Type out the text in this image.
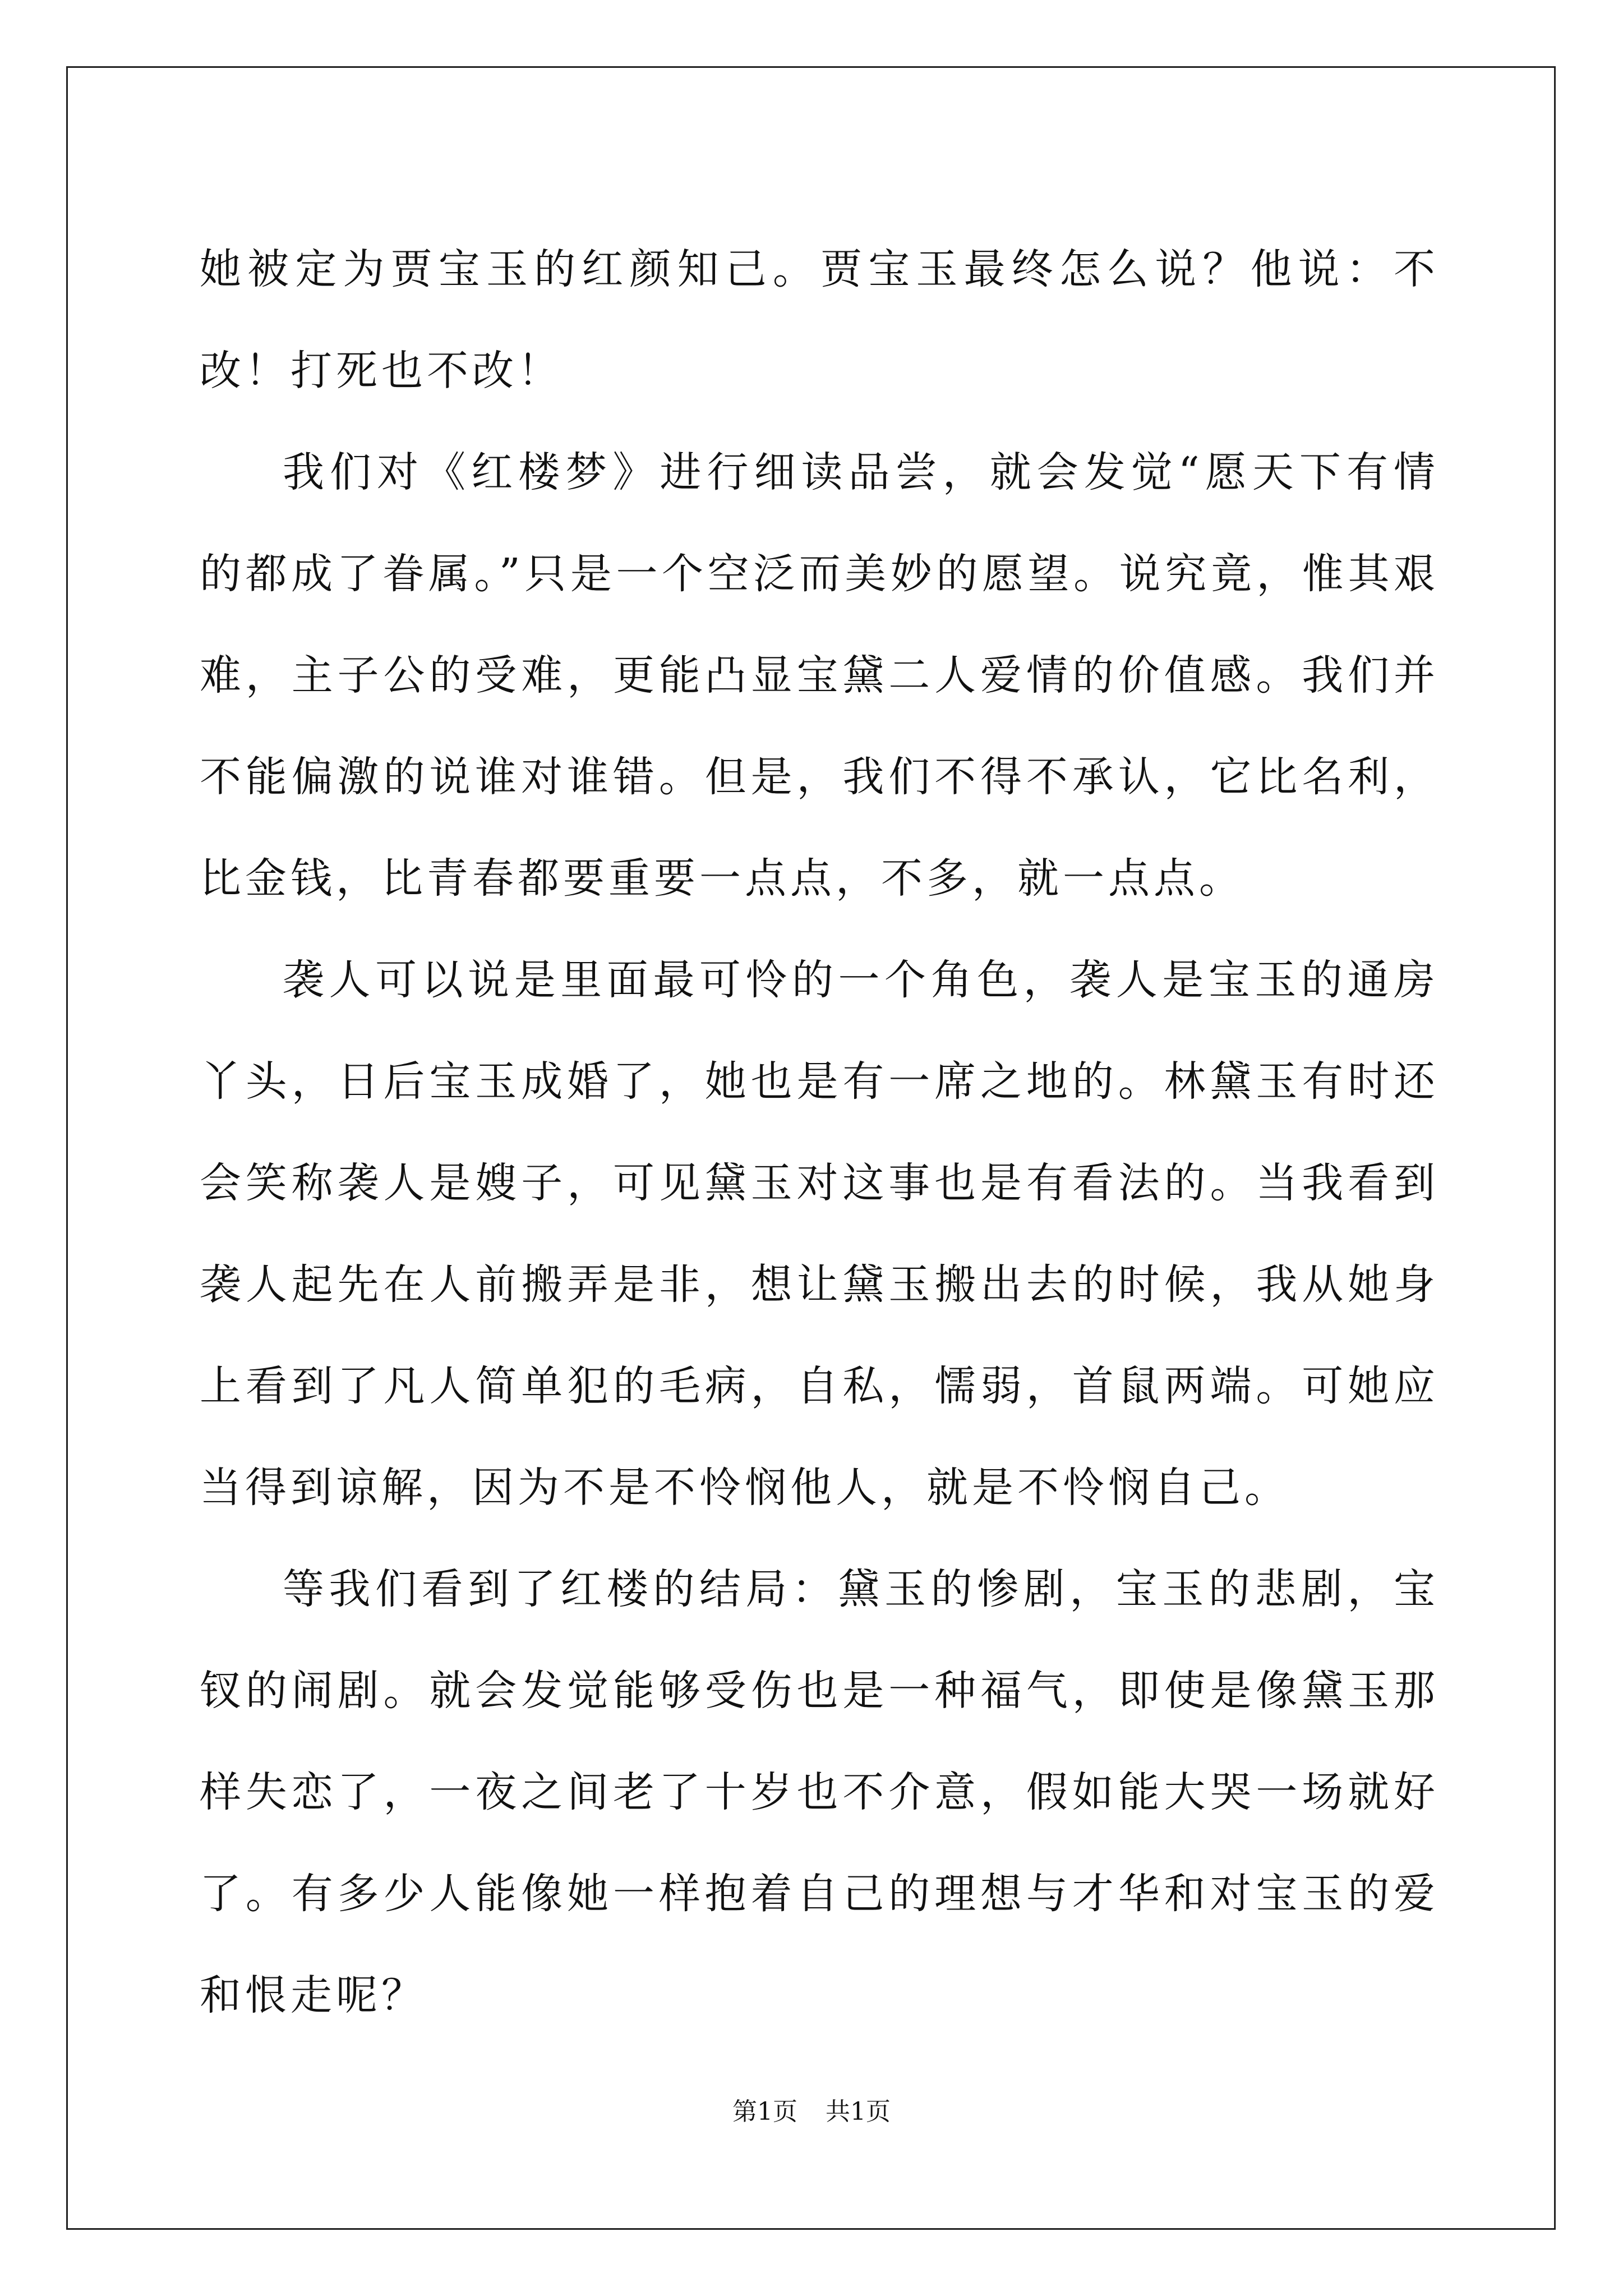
她被定为贾宝玉的红颜知己。贾宝玉最终怎么说？他说：不改！打死也不改！

我们对《红楼梦》进行细读品尝，就会发觉“愿天下有情的都成了眷属。”只是一个空泛而美妙的愿望。说究竟，惟其艰难，主子公的受难，更能凸显宝黛二人爱情的价值感。我们并不能偏激的说谁对谁错。但是，我们不得不承认，它比名利，比金钱，比青春都要重要一点点，不多，就一点点。

袭人可以说是里面最可怜的一个角色，袭人是宝玉的通房丫头，日后宝玉成婚了，她也是有一席之地的。林黛玉有时还会笑称袭人是嫂子，可见黛玉对这事也是有看法的。当我看到袭人起先在人前搬弄是非，想让黛玉搬出去的时候，我从她身上看到了凡人简单犯的毛病，自私，懦弱，首鼠两端。可她应当得到谅解，因为不是不怜悯他人，就是不怜悯自己。

等我们看到了红楼的结局：黛玉的惨剧，宝玉的悲剧，宝钗的闹剧。就会发觉能够受伤也是一种福气，即使是像黛玉那样失恋了，一夜之间老了十岁也不介意，假如能大哭一场就好了。有多少人能像她一样抱着自己的理想与才华和对宝玉的爱和恨走呢？

第1页 共1页
